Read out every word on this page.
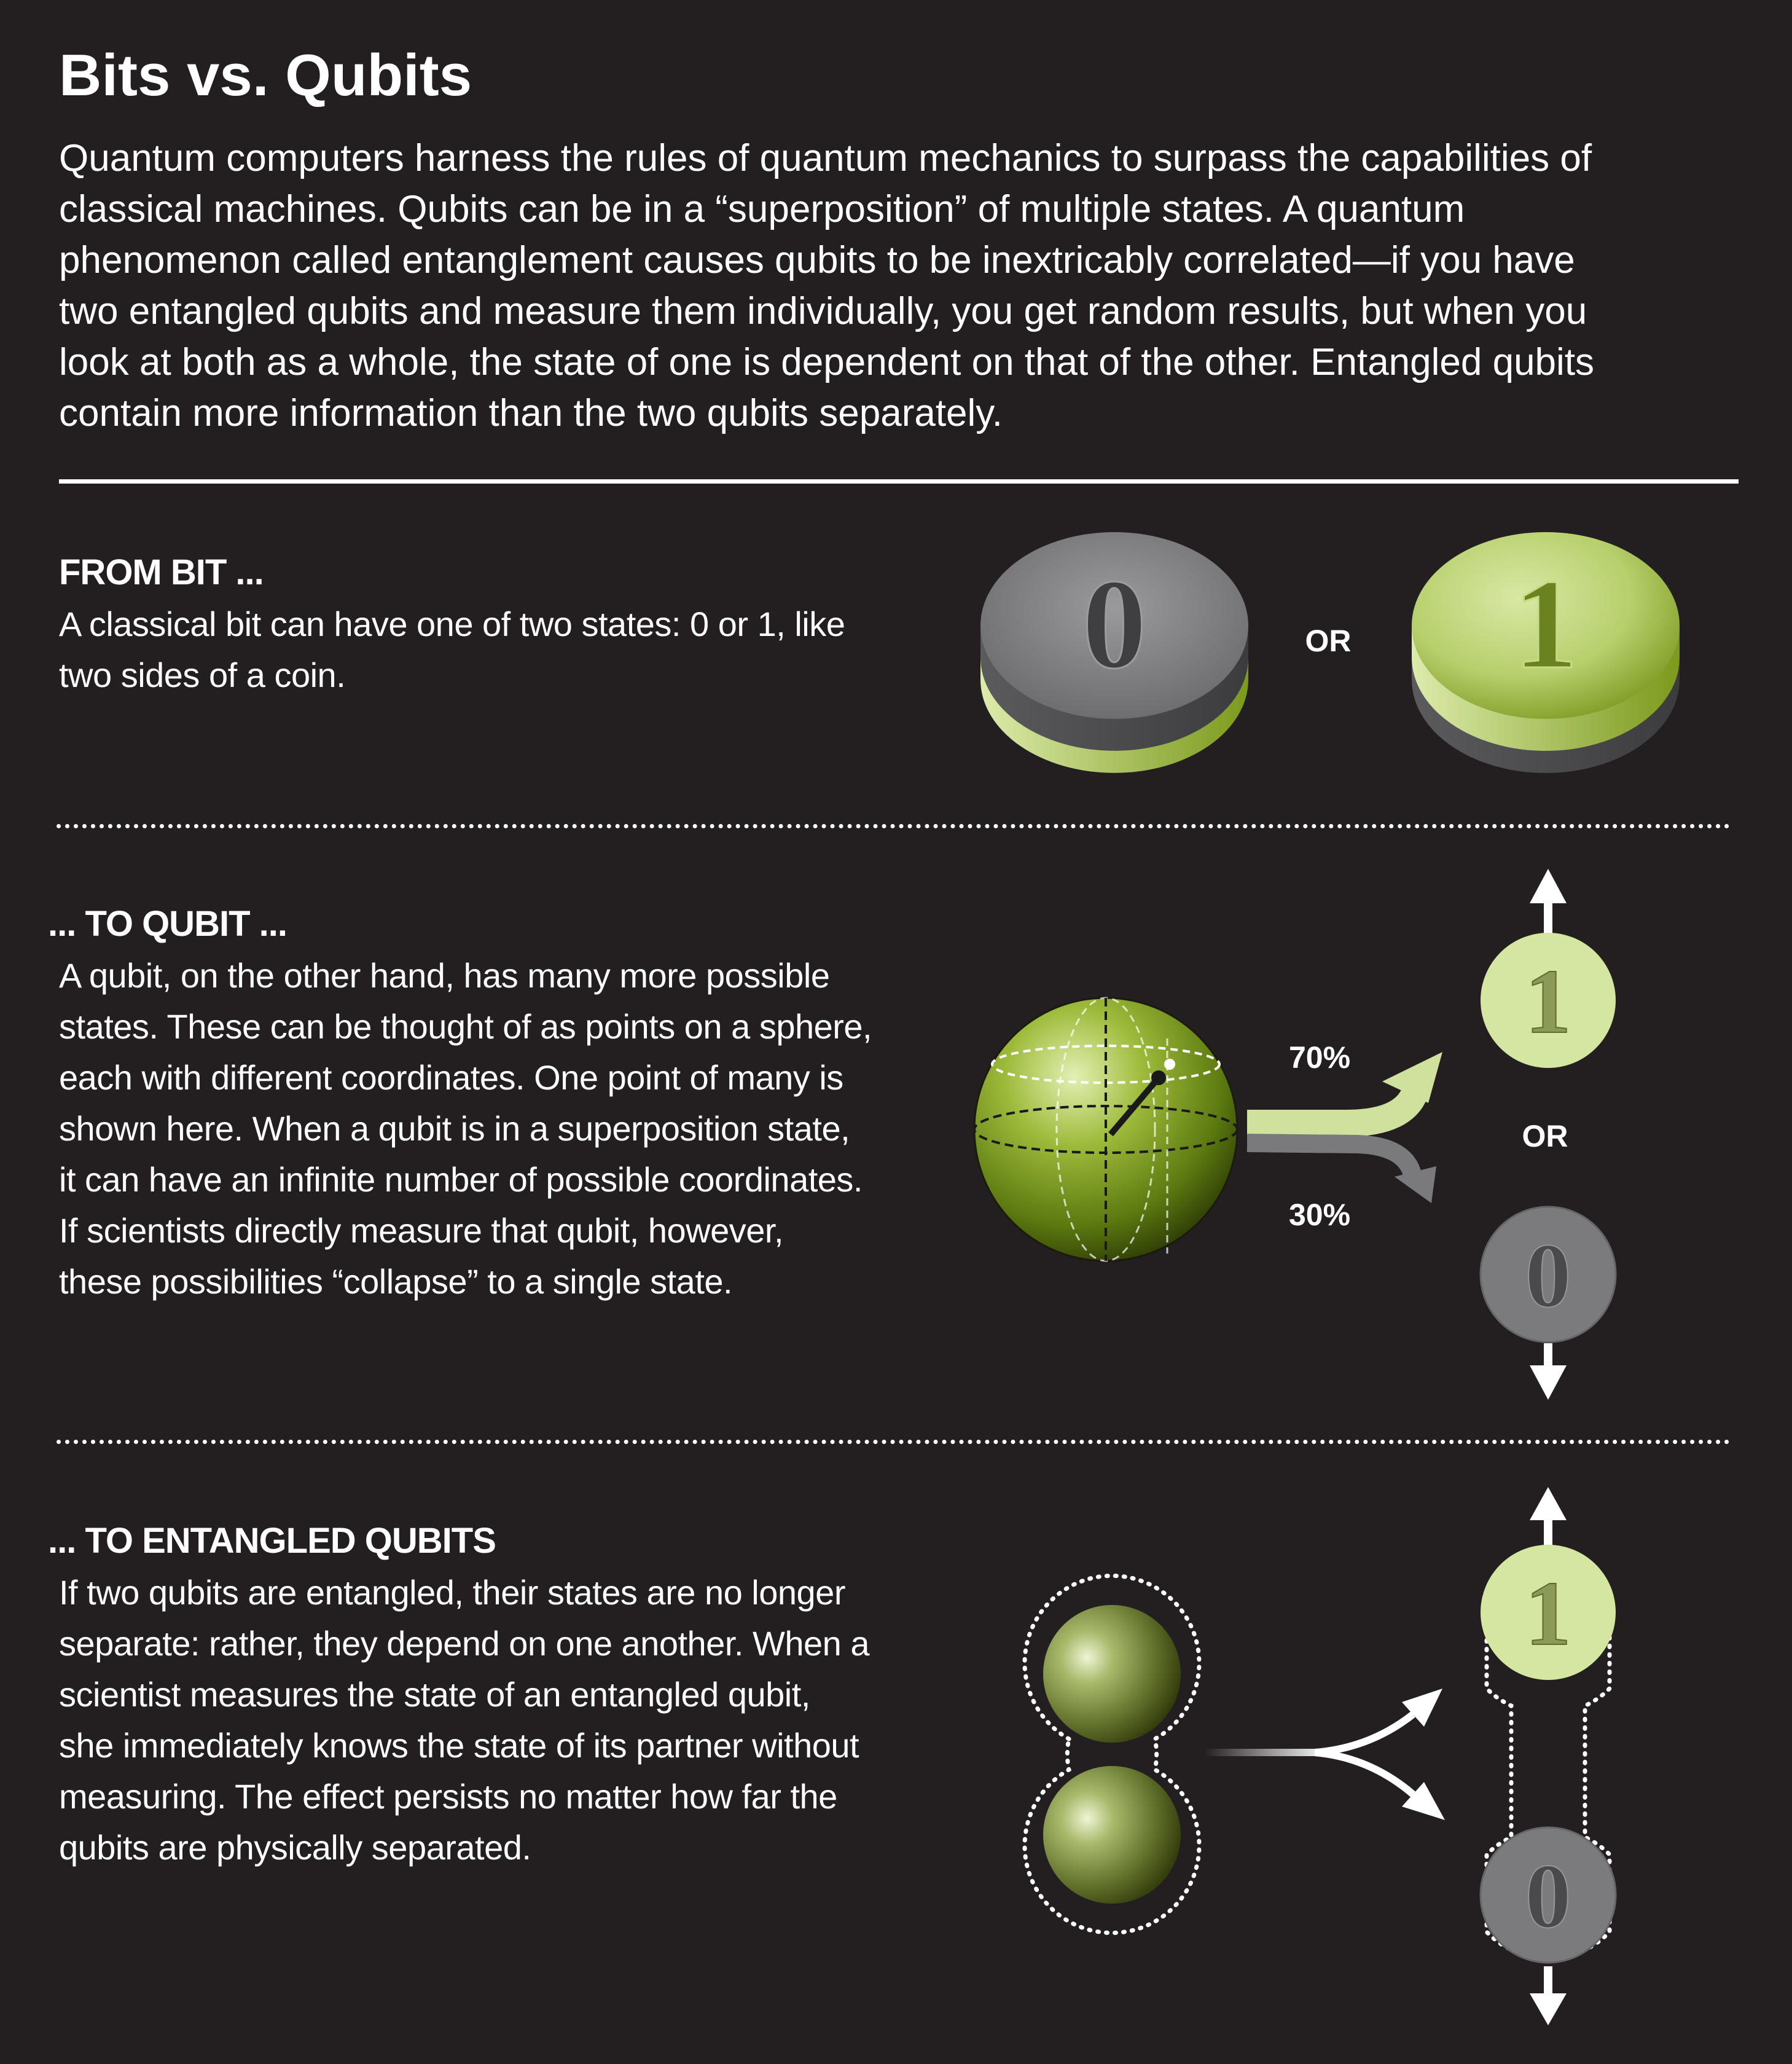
Bits vs. Qubits
Quantum computers harness the rules of quantum mechanics to surpass the capabilities of
classical machines. Qubits can be in a “superposition” of multiple states. A quantum
phenomenon called entanglement causes qubits to be inextricably correlated—if you have
two entangled qubits and measure them individually, you get random results, but when you
look at both as a whole, the state of one is dependent on that of the other. Entangled qubits
contain more information than the two qubits separately.
FROM BIT ...
A classical bit can have one of two states: 0 or 1, like
two sides of a coin.
... TO QUBIT ...
A qubit, on the other hand, has many more possible
states. These can be thought of as points on a sphere,
each with different coordinates. One point of many is
shown here. When a qubit is in a superposition state,
it can have an infinite number of possible coordinates.
If scientists directly measure that qubit, however,
these possibilities “collapse” to a single state.
... TO ENTANGLED QUBITS
If two qubits are entangled, their states are no longer
separate: rather, they depend on one another. When a
scientist measures the state of an entangled qubit,
she immediately knows the state of its partner without
measuring. The effect persists no matter how far the
qubits are physically separated.
0	OR 1
70%
30%
OR
1
0
1
0
